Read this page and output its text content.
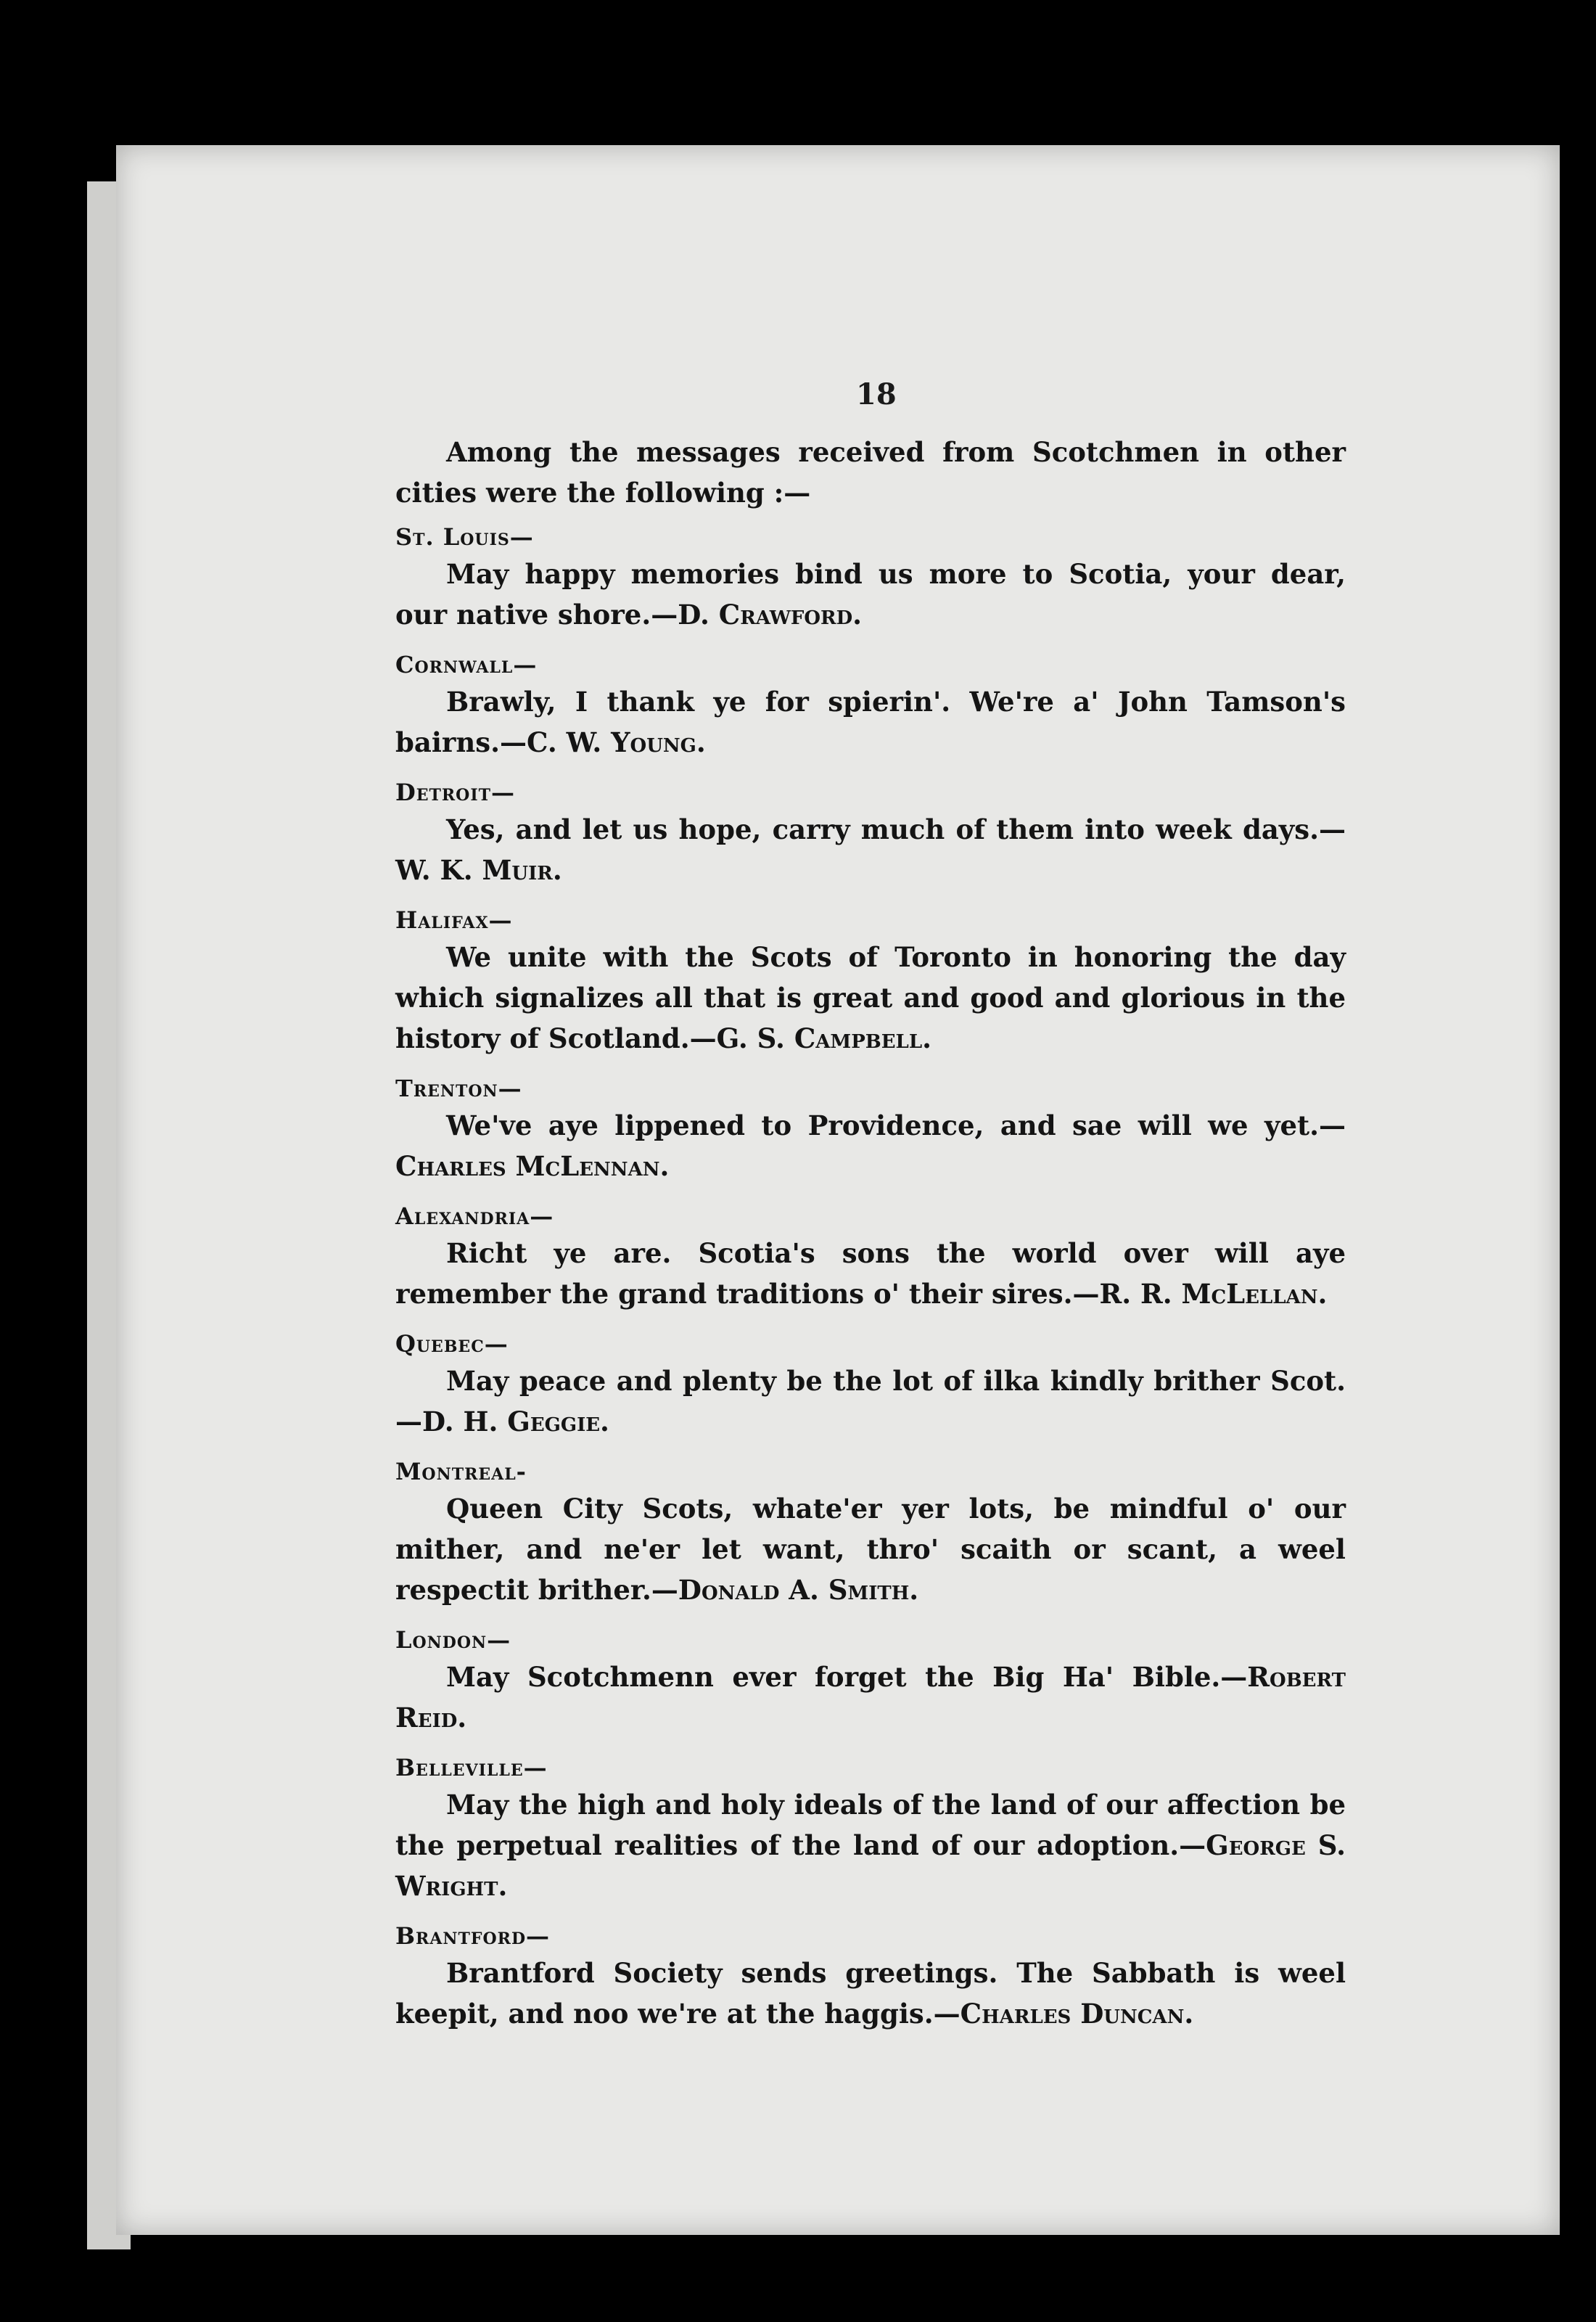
18

Among the messages received from Scotchmen in other cities were the following :—

St. Louis—

May happy memories bind us more to Scotia, your dear, our native shore.—D. Crawford.

Cornwall—

Brawly, I thank ye for spierin'. We're a' John Tamson's bairns.—C. W. Young.

Detroit—

Yes, and let us hope, carry much of them into week days.—W. K. Muir.

Halifax—

We unite with the Scots of Toronto in honoring the day which signalizes all that is great and good and glorious in the history of Scotland.—G. S. Campbell.

Trenton—

We've aye lippened to Providence, and sae will we yet.—Charles McLennan.

Alexandria—

Richt ye are. Scotia's sons the world over will aye remember the grand traditions o' their sires.—R. R. McLellan.

Quebec—

May peace and plenty be the lot of ilka kindly brither Scot.—D. H. Geggie.

Montreal-

Queen City Scots, whate'er yer lots, be mindful o' our mither, and ne'er let want, thro' scaith or scant, a weel respectit brither.—Donald A. Smith.

London—

May Scotchmenn ever forget the Big Ha' Bible.—Robert Reid.

Belleville—

May the high and holy ideals of the land of our affection be the perpetual realities of the land of our adoption.—George S. Wright.

Brantford—

Brantford Society sends greetings. The Sabbath is weel keepit, and noo we're at the haggis.—Charles Duncan.
